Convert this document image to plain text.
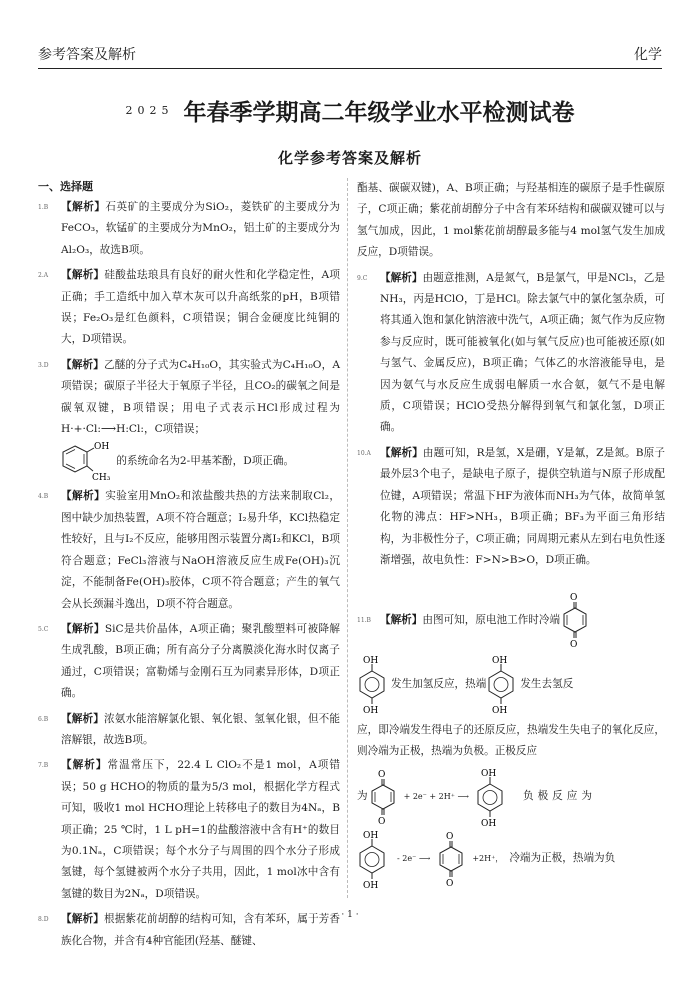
参考答案及解析	化学
2025 年春季学期高二年级学业水平检测试卷
化学参考答案及解析
一、选择题
1.B	【解析】石英矿的主要成分为SiO₂，菱铁矿的主要成分为FeCO₃，软锰矿的主要成分为MnO₂，铝土矿的主要成分为Al₂O₃，故选B项。
2.A	【解析】硅酸盐珐琅具有良好的耐火性和化学稳定性，A项正确；手工造纸中加入草木灰可以升高纸浆的pH，B项错误；Fe₂O₃是红色颜料，C项错误；铜合金硬度比纯铜的大，D项错误。
3.D	【解析】乙醚的分子式为C₄H₁₀O，其实验式为C₄H₁₀O，A项错误；碳原子半径大于氧原子半径，且CO₂的碳氧之间是碳氧双键，B项错误；用电子式表示HCl形成过程为H·+·Cl:⟶H:Cl:，C项错误；
OH
CH₃
的系统命名为2-甲基苯酚，D项正确。
4.B	【解析】实验室用MnO₂和浓盐酸共热的方法来制取Cl₂，图中缺少加热装置，A项不符合题意；I₂易升华，KCl热稳定性较好，且与I₂不反应，能够用图示装置分离I₂和KCl，B项符合题意；FeCl₃溶液与NaOH溶液反应生成Fe(OH)₃沉淀，不能制备Fe(OH)₃胶体，C项不符合题意；产生的氧气会从长颈漏斗逸出，D项不符合题意。
5.C	【解析】SiC是共价晶体，A项正确；聚乳酸塑料可被降解生成乳酸，B项正确；所有高分子分离膜淡化海水时仅离子通过，C项错误；富勒烯与金刚石互为同素异形体，D项正确。
6.B	【解析】浓氨水能溶解氯化银、氧化银、氢氧化银，但不能溶解银，故选B项。
7.B	【解析】常温常压下，22.4 L ClO₂不是1 mol，A项错误；50 g HCHO的物质的量为5/3 mol，根据化学方程式可知，吸收1 mol HCHO理论上转移电子的数目为4Nₐ，B项正确；25 ℃时，1 L pH=1的盐酸溶液中含有H⁺的数目为0.1Nₐ，C项错误；每个水分子与周围的四个水分子形成氢键，每个氢键被两个水分子共用，因此，1 mol冰中含有氢键的数目为2Nₐ，D项错误。
8.D	【解析】根据紫花前胡醇的结构可知，含有苯环，属于芳香族化合物，并含有4种官能团(羟基、醚键、
酯基、碳碳双键)，A、B项正确；与羟基相连的碳原子是手性碳原子，C项正确；紫花前胡醇分子中含有苯环结构和碳碳双键可以与氢气加成，因此，1 mol紫花前胡醇最多能与4 mol氢气发生加成反应，D项错误。
9.C	【解析】由题意推测，A是氮气，B是氯气，甲是NCl₃，乙是NH₃，丙是HClO，丁是HCl。除去氯气中的氯化氢杂质，可将其通入饱和氯化钠溶液中洗气，A项正确；氮气作为反应物参与反应时，既可能被氧化(如与氧气反应)也可能被还原(如与氢气、金属反应)，B项正确；气体乙的水溶液能导电，是因为氨气与水反应生成弱电解质一水合氨，氨气不是电解质，C项错误；HClO受热分解得到氧气和氯化氢，D项正确。
10.A 【解析】由题可知，R是氢，X是硼，Y是氟，Z是氮。B原子最外层3个电子，是缺电子原子，提供空轨道与N原子形成配位键，A项错误；常温下HF为液体而NH₃为气体，故简单氢化物的沸点：HF>NH₃，B项正确；BF₃为平面三角形结构，为非极性分子，C项正确；同周期元素从左到右电负性逐渐增强，故电负性：F>N>B>O，D项正确。
11.B 【解析】 由图可知，原电池工作时冷端
O
O
OH
OH
发生加氢反应，热端
OH
OH
发生去氢反
应，即冷端发生得电子的还原反应，热端发生失电子的氧化反应，则冷端为正极，热端为负极。正极反应
为
O
O
+ 2e⁻ + 2H⁺ ⟶
OH
OH
负极反应为
OH
OH
- 2e⁻ ⟶
O
O
+2H⁺， 冷端为正极，热端为负
· 1 ·
